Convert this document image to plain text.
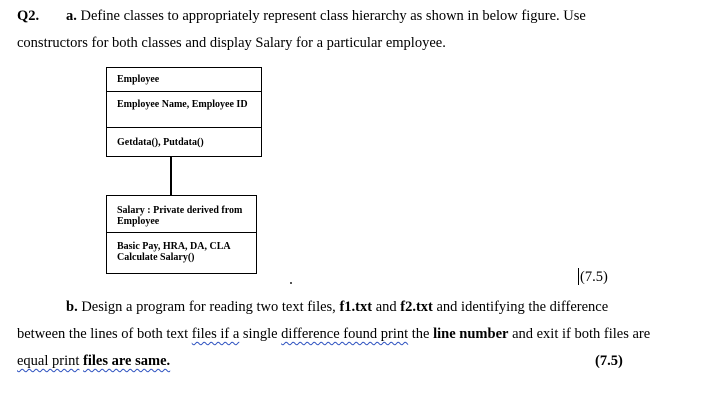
Q2. a. Define classes to appropriately represent class hierarchy as shown in below figure. Use
constructors for both classes and display Salary for a particular employee.
Employee
Employee Name, Employee ID
Getdata(), Putdata()
Salary : Private derived from Employee
Basic Pay, HRA, DA, CLA Calculate Salary()
(7.5)
b. Design a program for reading two text files, f1.txt and f2.txt and identifying the difference
between the lines of both text files if a single difference found print the line number and exit if both files are
equal print files are same.	(7.5)
